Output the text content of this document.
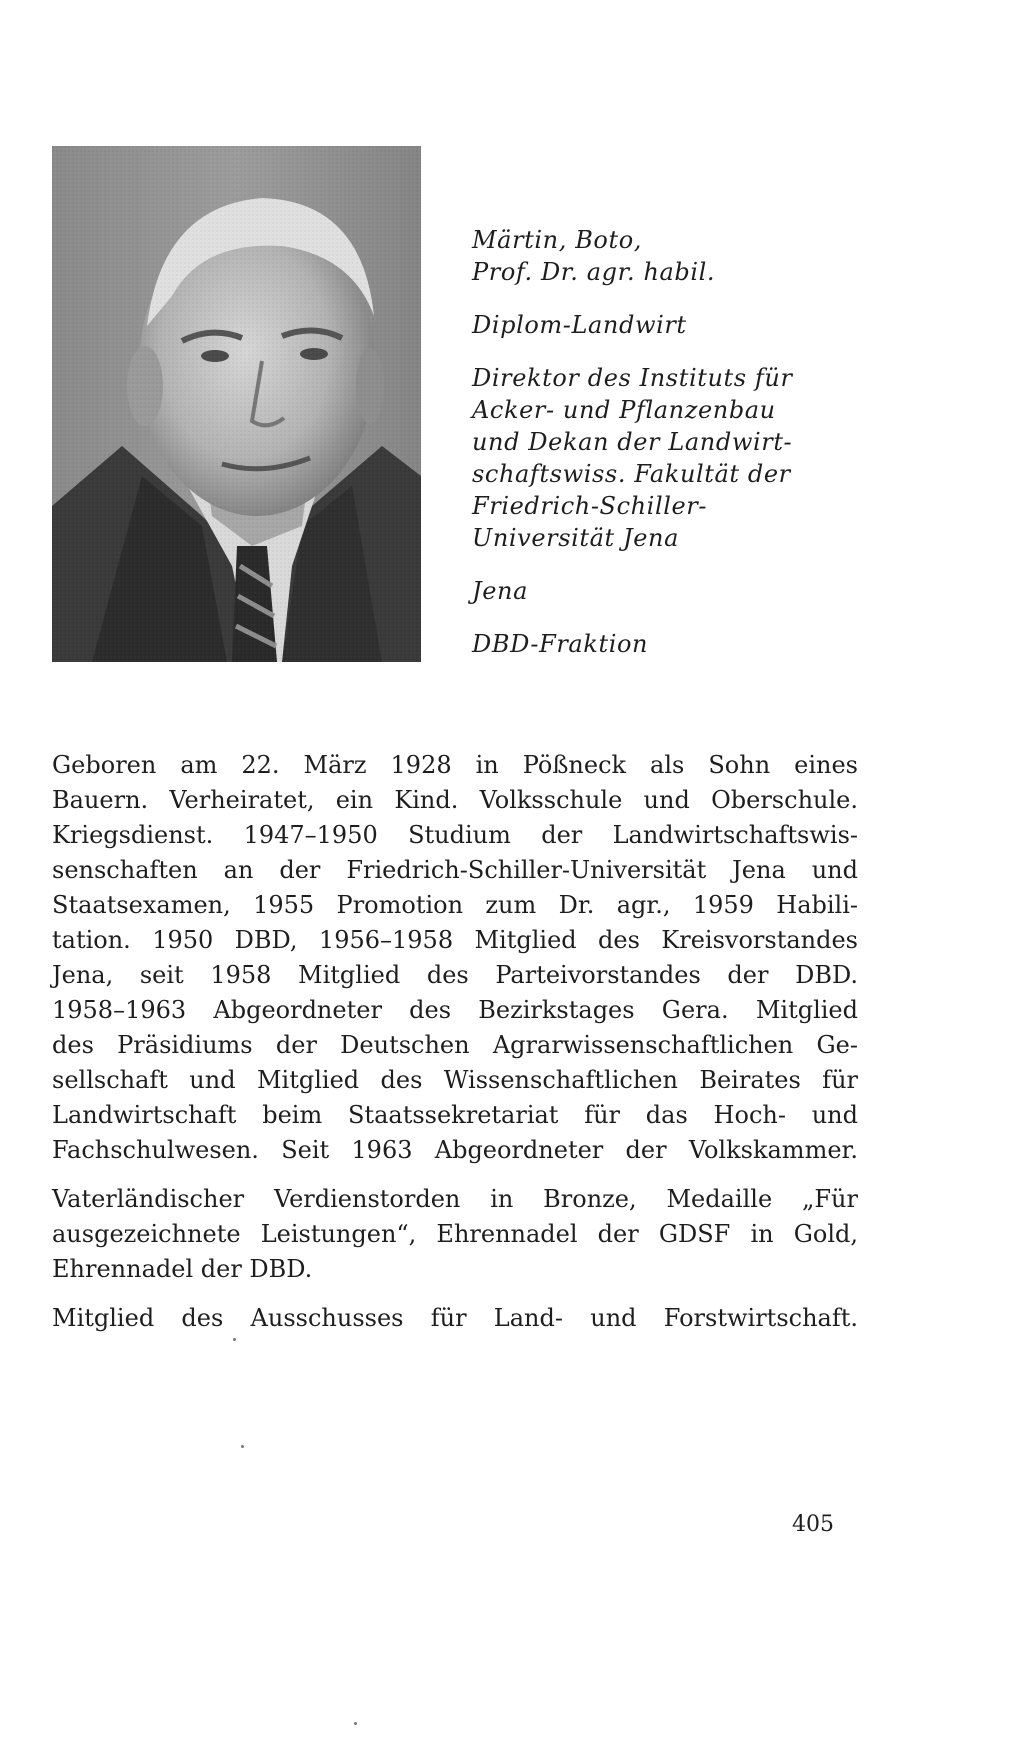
Märtin, Boto,
Prof. Dr. agr. habil.
Diplom-Landwirt
Direktor des Instituts für
Acker- und Pflanzenbau
und Dekan der Landwirt-
schaftswiss. Fakultät der
Friedrich-Schiller-
Universität Jena
Jena
DBD-Fraktion
Geboren am 22. März 1928 in Pößneck als Sohn eines
Bauern. Verheiratet, ein Kind. Volksschule und Oberschule.
Kriegsdienst. 1947–1950 Studium der Landwirtschaftswis-
senschaften an der Friedrich-Schiller-Universität Jena und
Staatsexamen, 1955 Promotion zum Dr. agr., 1959 Habili-
tation. 1950 DBD, 1956–1958 Mitglied des Kreisvorstandes
Jena, seit 1958 Mitglied des Parteivorstandes der DBD.
1958–1963 Abgeordneter des Bezirkstages Gera. Mitglied
des Präsidiums der Deutschen Agrarwissenschaftlichen Ge-
sellschaft und Mitglied des Wissenschaftlichen Beirates für
Landwirtschaft beim Staatssekretariat für das Hoch- und
Fachschulwesen. Seit 1963 Abgeordneter der Volkskammer.
Vaterländischer Verdienstorden in Bronze, Medaille „Für
ausgezeichnete Leistungen“, Ehrennadel der GDSF in Gold,
Ehrennadel der DBD.
Mitglied des Ausschusses für Land- und Forstwirtschaft.
405
